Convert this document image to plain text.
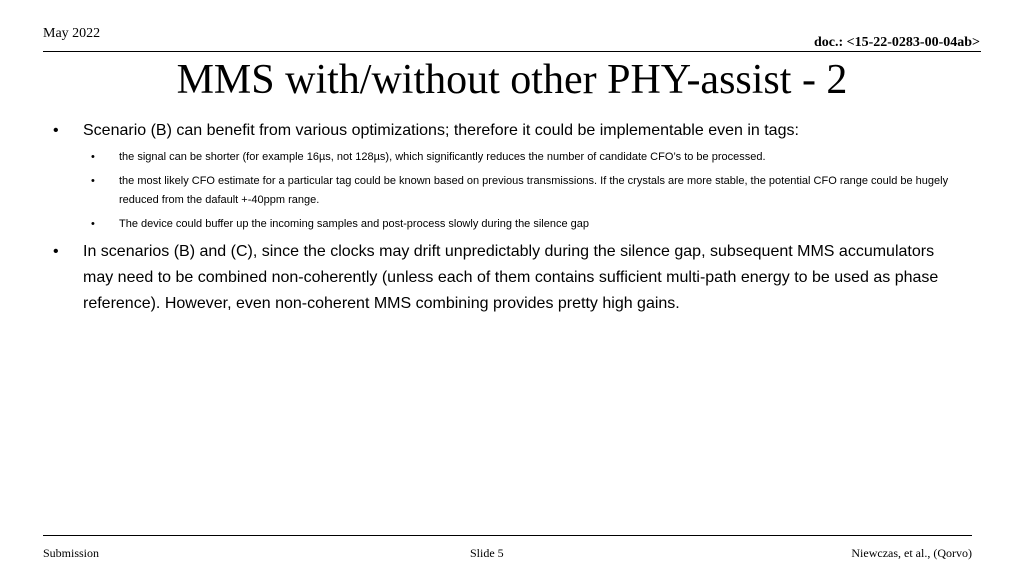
May 2022
doc.: <15-22-0283-00-04ab>
MMS with/without other PHY-assist - 2
• Scenario (B) can benefit from various optimizations; therefore it could be implementable even in tags:
• the signal can be shorter (for example 16µs, not 128µs), which significantly reduces the number of candidate CFO’s to be processed.
• the most likely CFO estimate for a particular tag could be known based on previous transmissions. If the crystals are more stable, the potential CFO range could be hugely reduced from the dafault +-40ppm range.
• The device could buffer up the incoming samples and post-process slowly during the silence gap
• In scenarios (B) and (C), since the clocks may drift unpredictably during the silence gap, subsequent MMS accumulators may need to be combined non-coherently (unless each of them contains sufficient multi-path energy to be used as phase reference). However, even non-coherent MMS combining provides pretty high gains.
Submission	Slide 5	Niewczas, et al., (Qorvo)
